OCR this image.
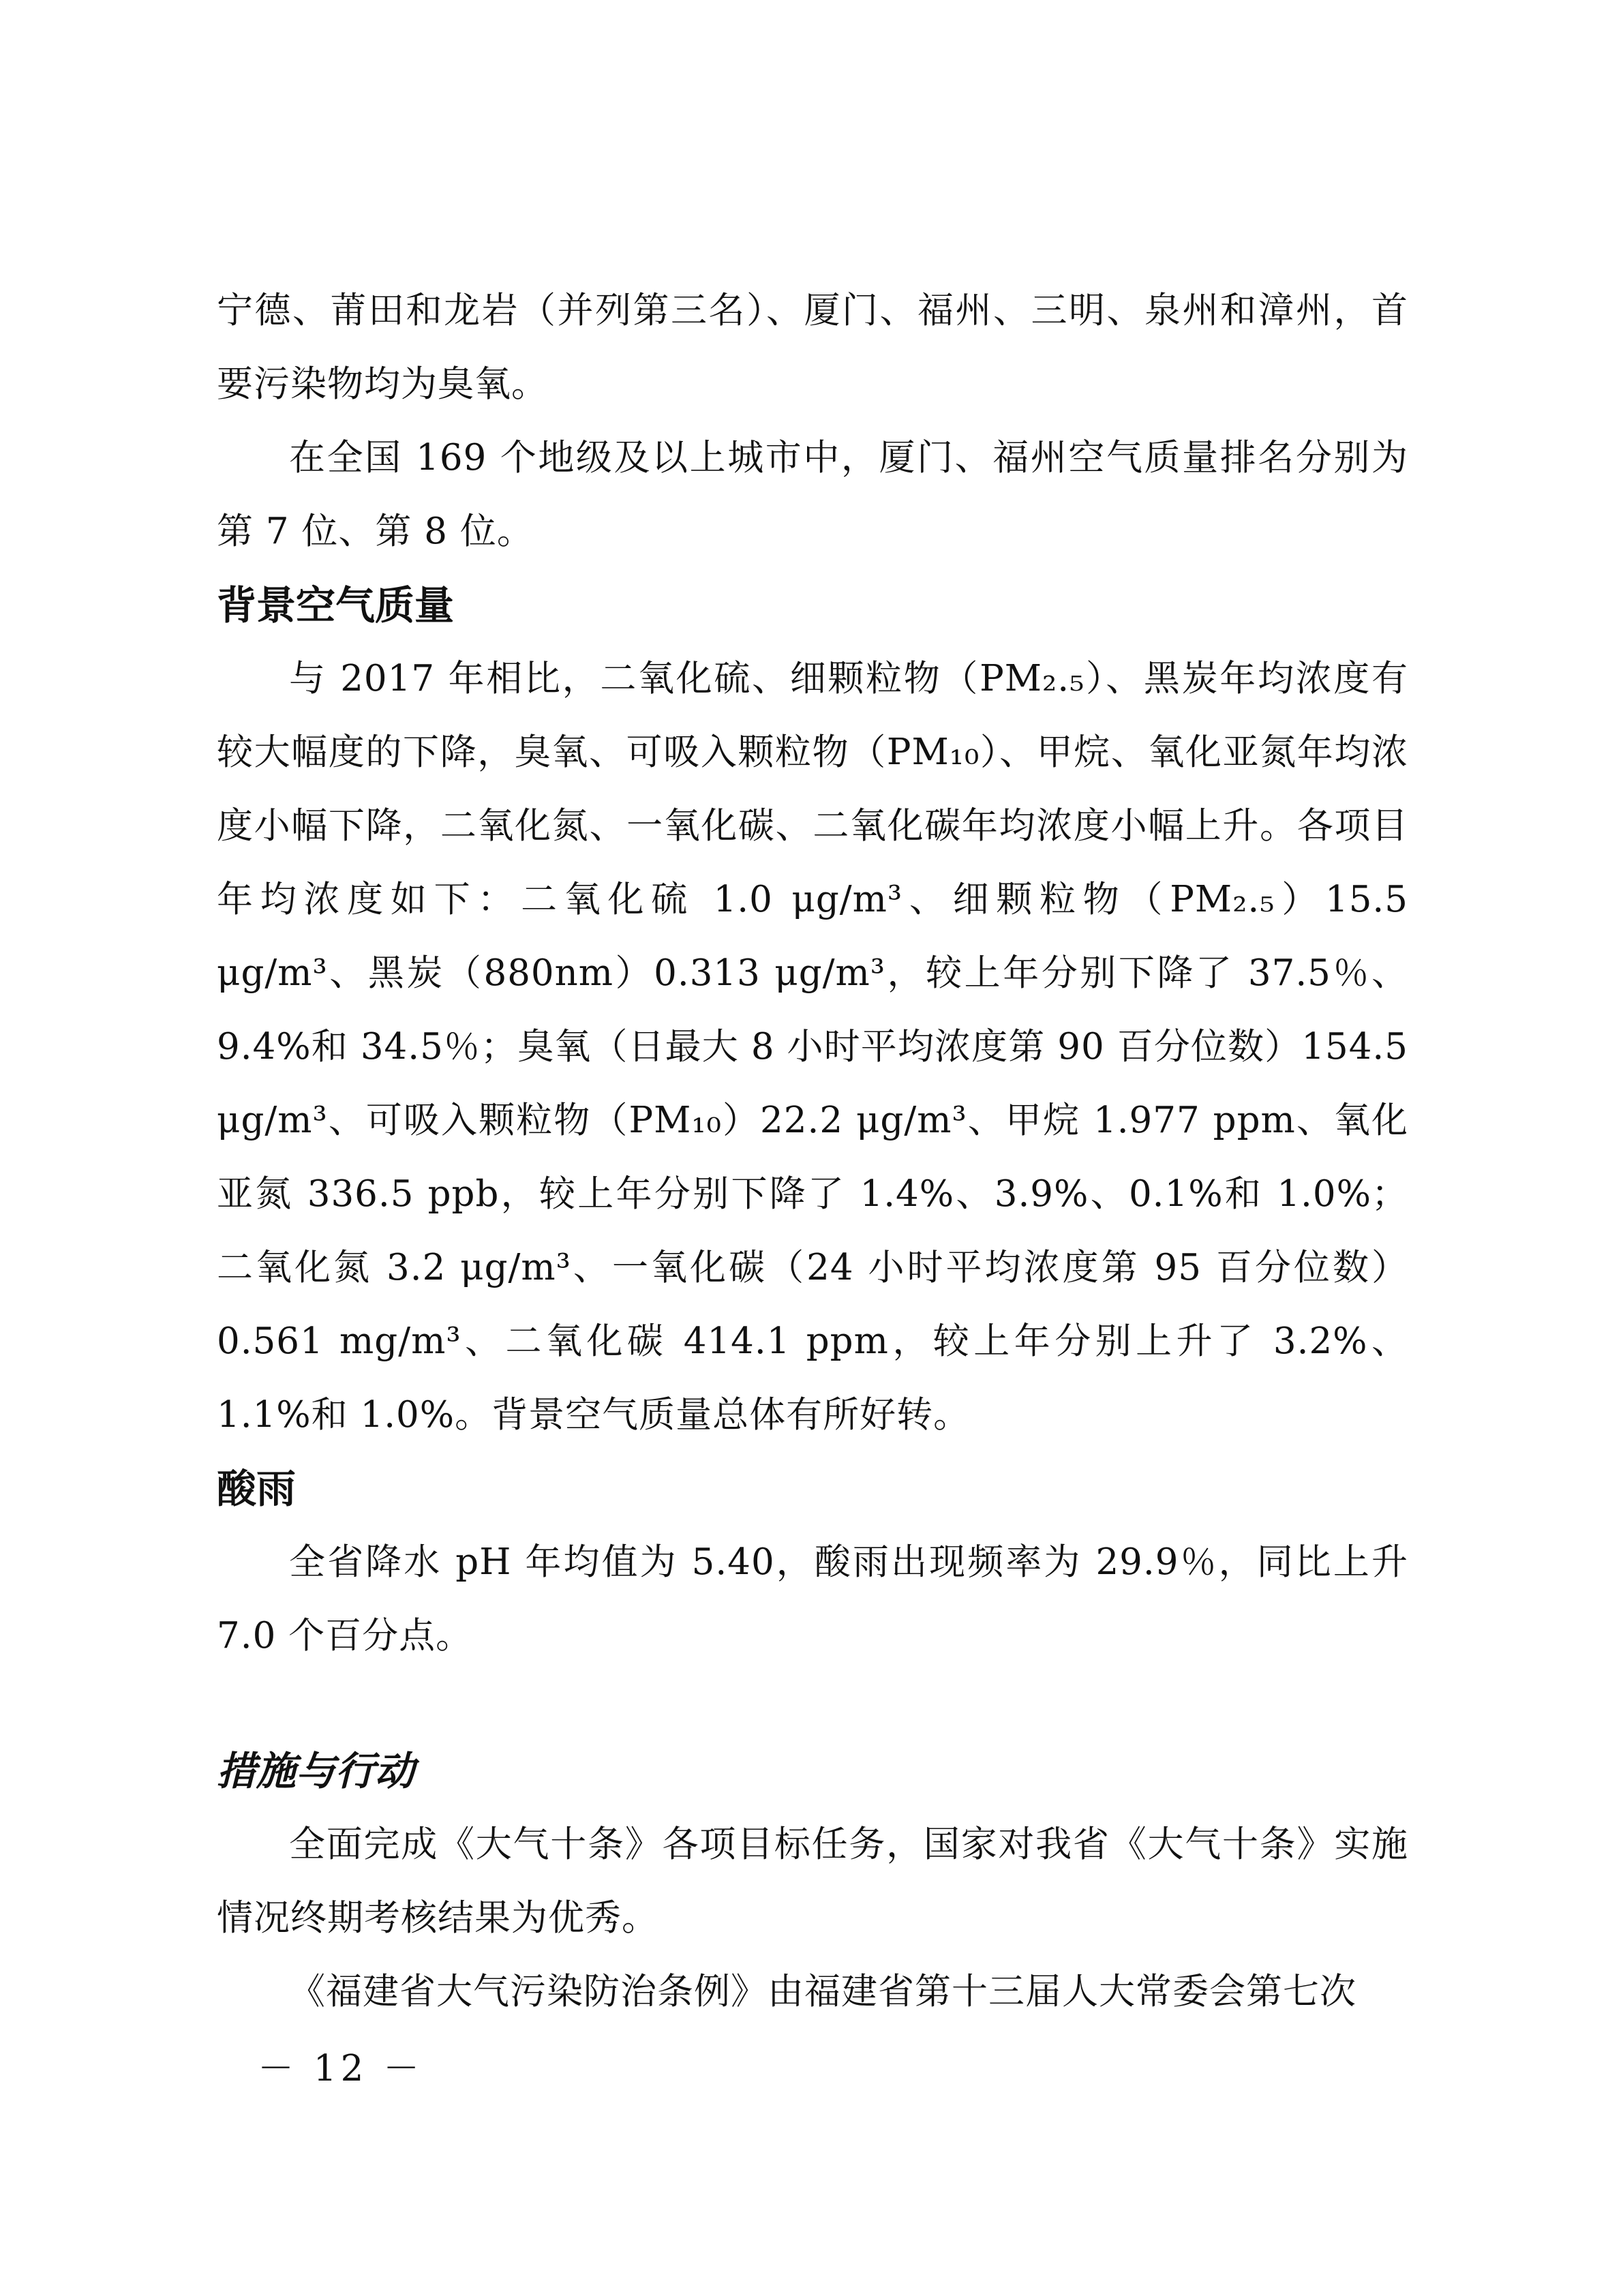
宁德、莆田和龙岩（并列第三名）、厦门、福州、三明、泉州和漳州，首要污染物均为臭氧。

在全国 169 个地级及以上城市中，厦门、福州空气质量排名分别为第 7 位、第 8 位。

背景空气质量

与 2017 年相比，二氧化硫、细颗粒物（PM₂.₅）、黑炭年均浓度有较大幅度的下降，臭氧、可吸入颗粒物（PM₁₀）、甲烷、氧化亚氮年均浓度小幅下降，二氧化氮、一氧化碳、二氧化碳年均浓度小幅上升。各项目年均浓度如下：二氧化硫 1.0 μg/m³、细颗粒物（PM₂.₅）15.5 μg/m³、黑炭（880nm）0.313 μg/m³，较上年分别下降了 37.5％、9.4%和 34.5％；臭氧（日最大 8 小时平均浓度第 90 百分位数）154.5 μg/m³、可吸入颗粒物（PM₁₀）22.2 μg/m³、甲烷 1.977 ppm、氧化亚氮 336.5 ppb，较上年分别下降了 1.4%、3.9%、0.1%和 1.0%；二氧化氮 3.2 μg/m³、一氧化碳（24 小时平均浓度第 95 百分位数）0.561 mg/m³、二氧化碳 414.1 ppm，较上年分别上升了 3.2%、1.1%和 1.0%。背景空气质量总体有所好转。

酸雨

全省降水 pH 年均值为 5.40，酸雨出现频率为 29.9％，同比上升 7.0 个百分点。

措施与行动

全面完成《大气十条》各项目标任务，国家对我省《大气十条》实施情况终期考核结果为优秀。

《福建省大气污染防治条例》由福建省第十三届人大常委会第七次

－ 12 －
